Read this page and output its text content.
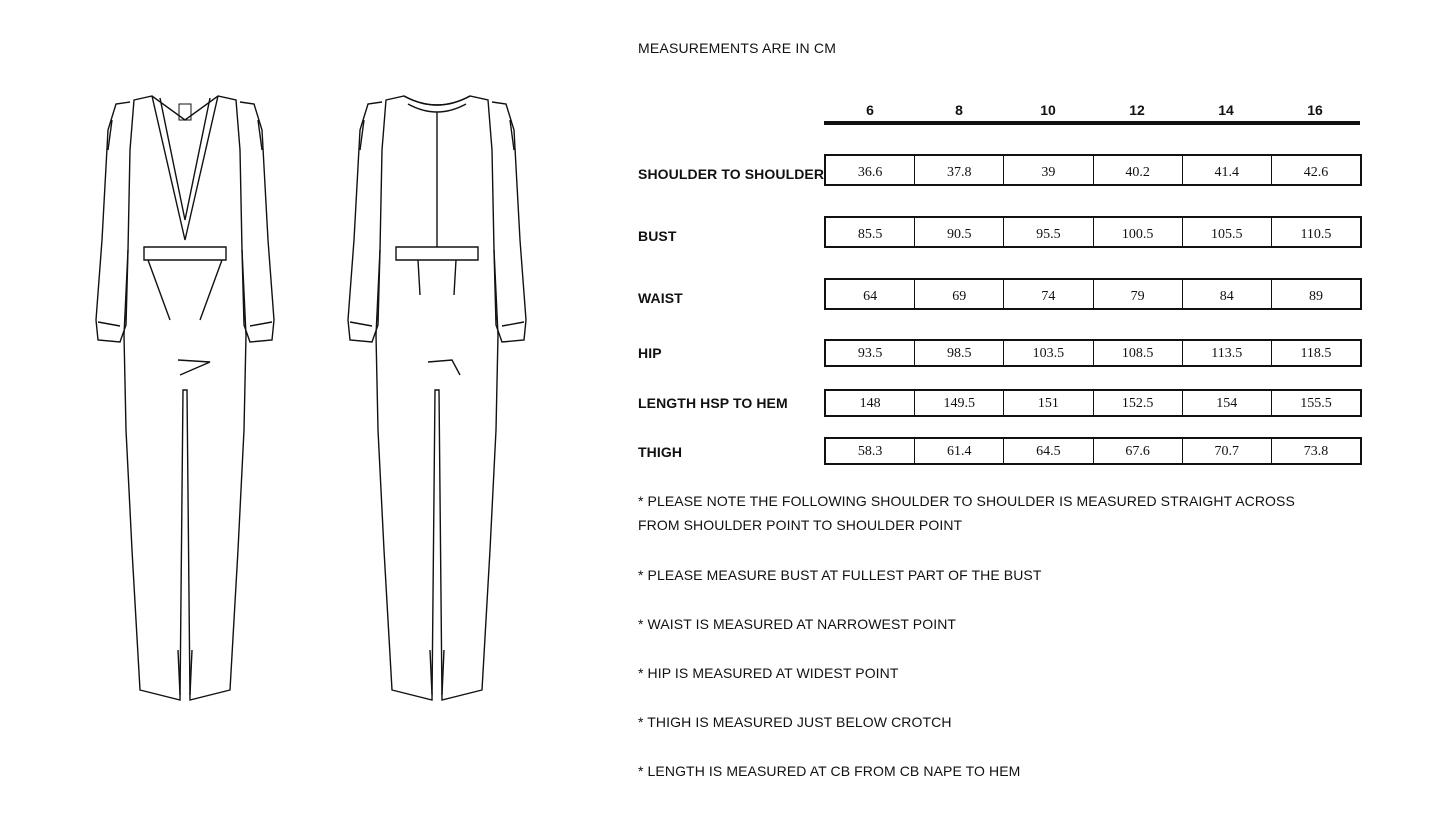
MEASUREMENTS ARE IN CM
6	8	10	12	14	16
SHOULDER TO SHOULDER	36.6	37.8	39	40.2	41.4	42.6
BUST	85.5	90.5	95.5	100.5	105.5	110.5
WAIST	64	69	74	79	84	89
HIP	93.5	98.5	103.5	108.5	113.5	118.5
LENGTH HSP TO HEM	148	149.5	151	152.5	154	155.5
THIGH	58.3	61.4	64.5	67.6	70.7	73.8
* PLEASE NOTE THE FOLLOWING SHOULDER TO SHOULDER IS MEASURED STRAIGHT ACROSS FROM SHOULDER POINT TO SHOULDER POINT
* PLEASE MEASURE BUST AT FULLEST PART OF THE BUST
* WAIST IS MEASURED AT NARROWEST POINT
* HIP IS MEASURED AT WIDEST POINT
* THIGH IS MEASURED JUST BELOW CROTCH
* LENGTH IS MEASURED AT CB FROM CB NAPE TO HEM
